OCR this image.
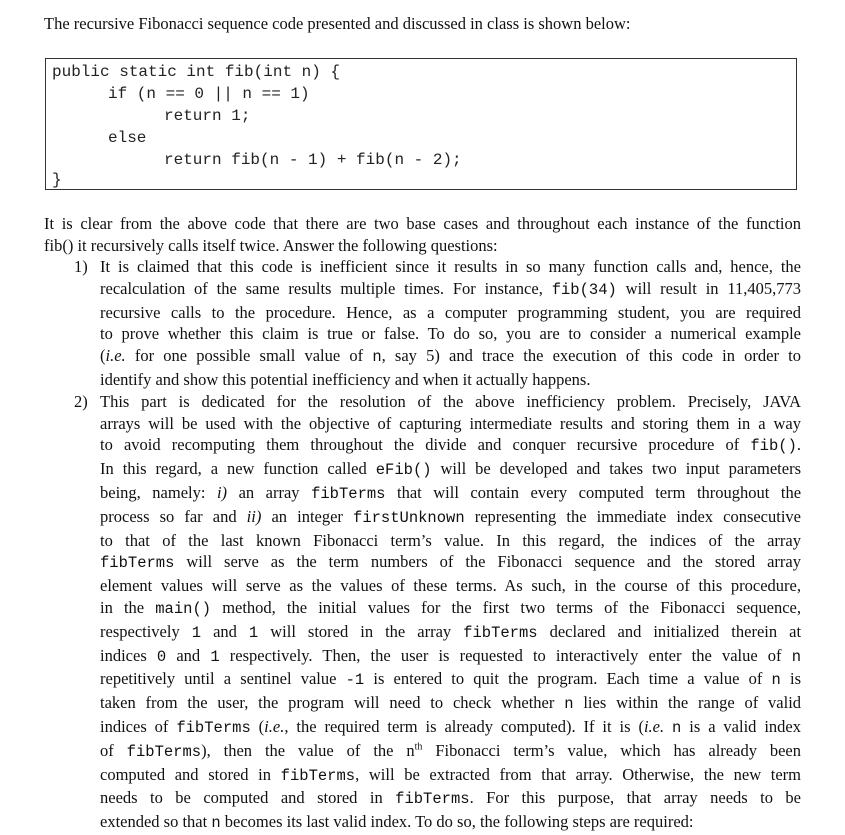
The recursive Fibonacci sequence code presented and discussed in class is shown below:
public static int fib(int n) {
if (n == 0 || n == 1)
return 1;
else
return fib(n - 1) + fib(n - 2);
}
It is clear from the above code that there are two base cases and throughout each instance of the function
fib() it recursively calls itself twice. Answer the following questions:
1) It is claimed that this code is inefficient since it results in so many function calls and, hence, the
recalculation of the same results multiple times. For instance, fib(34) will result in 11,405,773
recursive calls to the procedure. Hence, as a computer programming student, you are required
to prove whether this claim is true or false. To do so, you are to consider a numerical example
(i.e. for one possible small value of n, say 5) and trace the execution of this code in order to
identify and show this potential inefficiency and when it actually happens.
2) This part is dedicated for the resolution of the above inefficiency problem. Precisely, JAVA
arrays will be used with the objective of capturing intermediate results and storing them in a way
to avoid recomputing them throughout the divide and conquer recursive procedure of fib().
In this regard, a new function called eFib() will be developed and takes two input parameters
being, namely: i) an array fibTerms that will contain every computed term throughout the
process so far and ii) an integer firstUnknown representing the immediate index consecutive
to that of the last known Fibonacci term’s value. In this regard, the indices of the array
fibTerms will serve as the term numbers of the Fibonacci sequence and the stored array
element values will serve as the values of these terms. As such, in the course of this procedure,
in the main() method, the initial values for the first two terms of the Fibonacci sequence,
respectively 1 and 1 will stored in the array fibTerms declared and initialized therein at
indices 0 and 1 respectively. Then, the user is requested to interactively enter the value of n
repetitively until a sentinel value -1 is entered to quit the program. Each time a value of n is
taken from the user, the program will need to check whether n lies within the range of valid
indices of fibTerms (i.e., the required term is already computed). If it is (i.e. n is a valid index
of fibTerms), then the value of the $n^{th}$ Fibonacci term’s value, which has already been
computed and stored in fibTerms, will be extracted from that array. Otherwise, the new term
needs to be computed and stored in fibTerms. For this purpose, that array needs to be
extended so that n becomes its last valid index. To do so, the following steps are required:
